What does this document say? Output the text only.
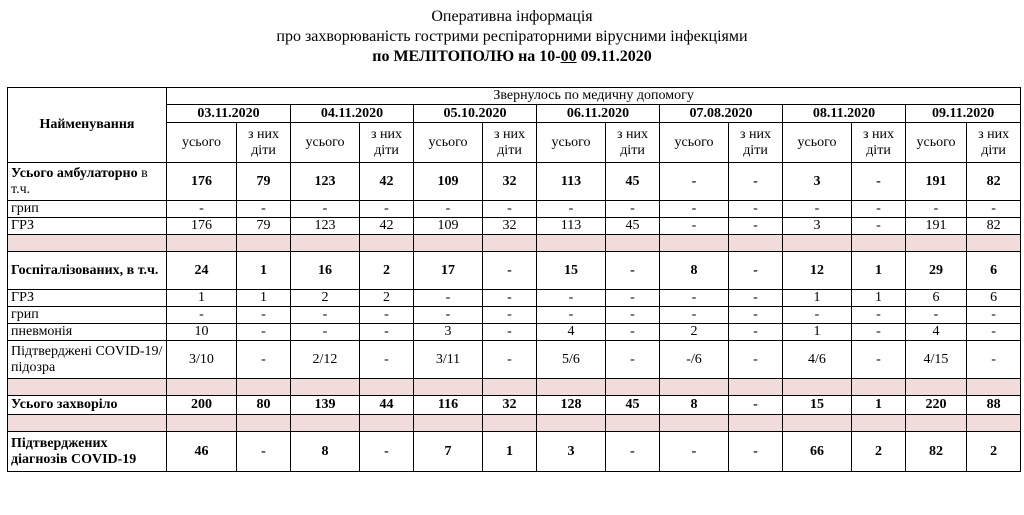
Оперативна інформація
про захворюваність гострими респіраторними вірусними інфекціями
по МЕЛІТОПОЛЮ на 10-00 09.11.2020
Найменування	Звернулось по медичну допомогу													
	03.11.2020		04.11.2020		05.10.2020		06.11.2020		07.08.2020		08.11.2020		09.11.2020	
	усього	з них діти	усього	з них діти	усього	з них діти	усього	з них діти	усього	з них діти	усього	з них діти	усього	з них діти
Усього амбулаторно в т.ч.	176	79	123	42	109	32	113	45	-	-	3	-	191	82
грип	-	-	-	-	-	-	-	-	-	-	-	-	-	-
ГРЗ	176	79	123	42	109	32	113	45	-	-	3	-	191	82

Госпіталізованих, в т.ч.	24	1	16	2	17	-	15	-	8	-	12	1	29	6
ГРЗ	1	1	2	2	-	-	-	-	-	-	1	1	6	6
грип	-	-	-	-	-	-	-	-	-	-	-	-	-	-
пневмонія	10	-	-	-	3	-	4	-	2	-	1	-	4	-
Підтверджені COVID-19/підозра	3/10	-	2/12	-	3/11	-	5/6	-	-/6	-	4/6	-	4/15	-

Усього захворіло	200	80	139	44	116	32	128	45	8	-	15	1	220	88

Підтверджених діагнозів COVID-19	46	-	8	-	7	1	3	-	-	-	66	2	82	2
